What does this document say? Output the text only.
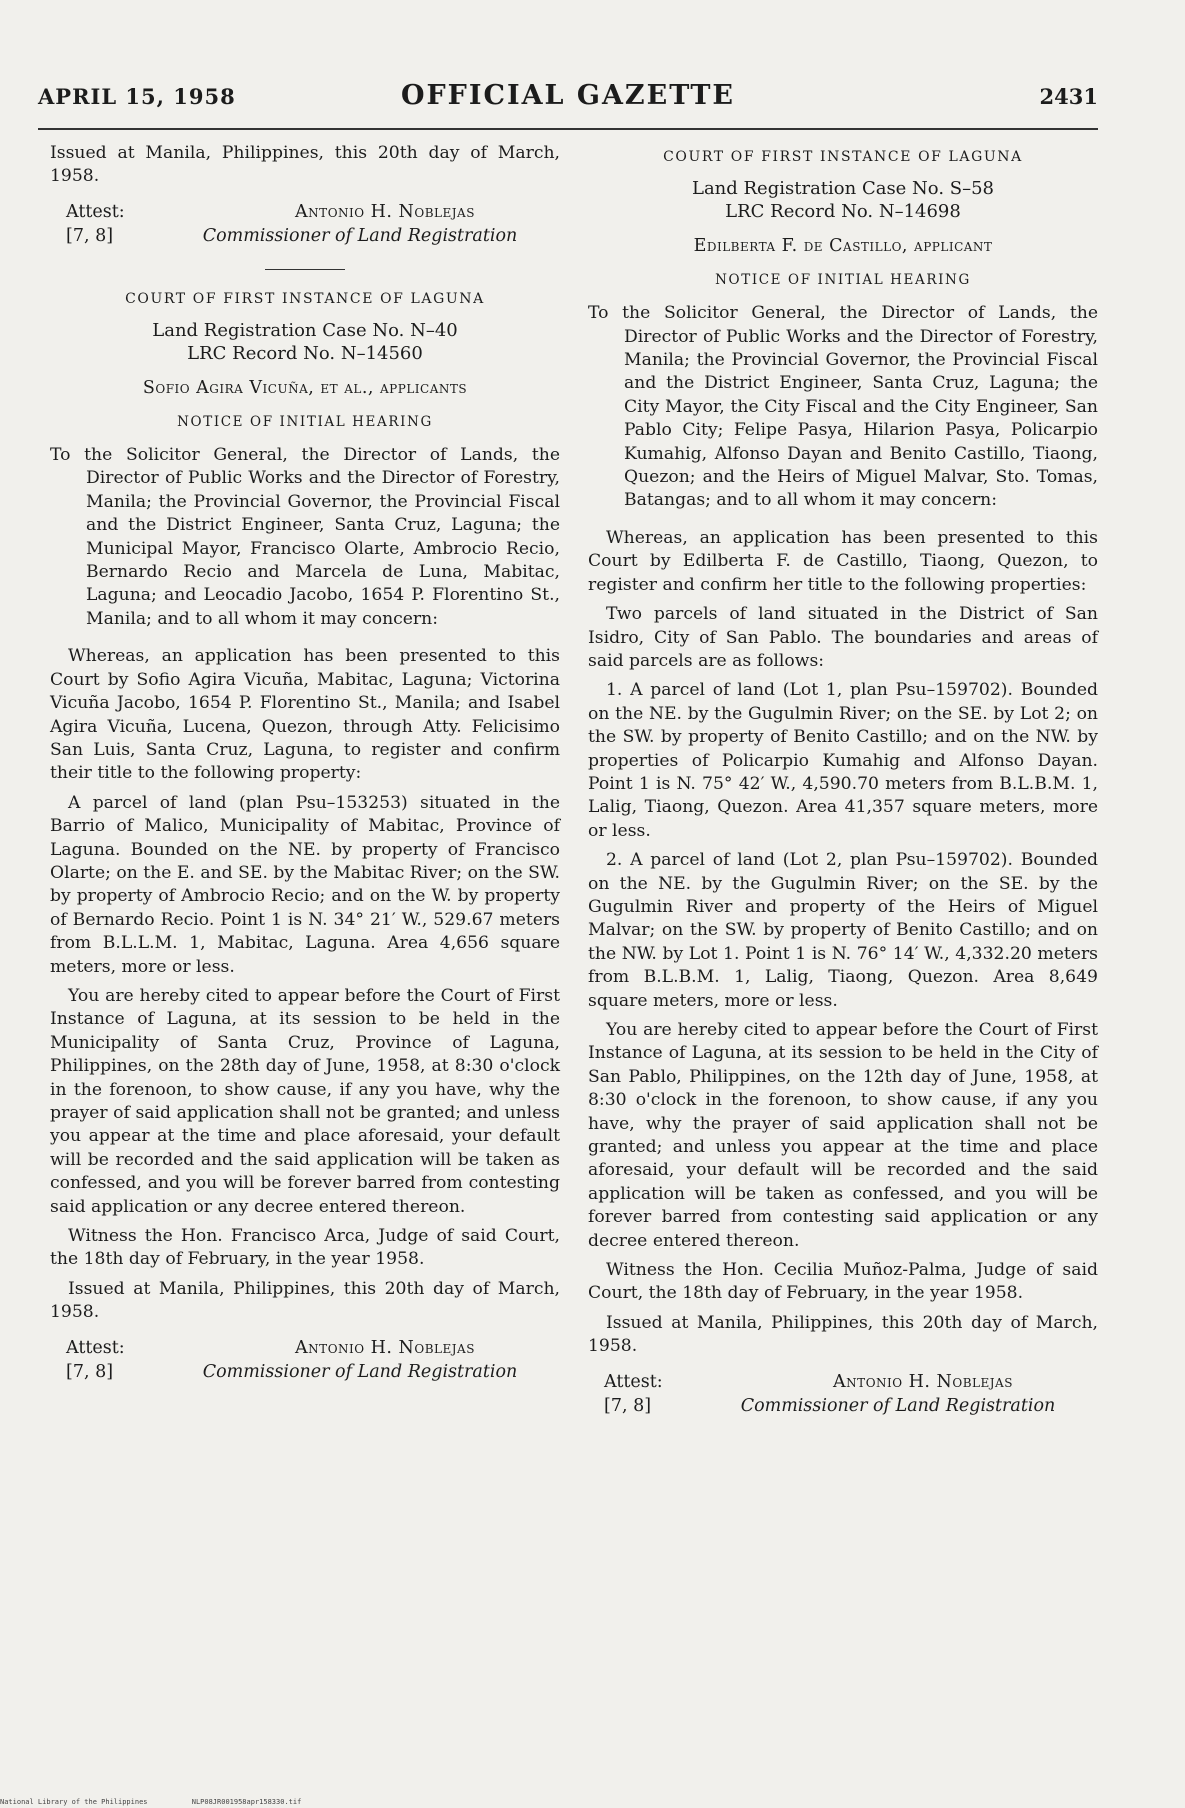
APRIL 15, 1958	OFFICIAL GAZETTE	2431

Issued at Manila, Philippines, this 20th day of March, 1958.

Attest:
[7, 8]
Antonio H. Noblejas
Commissioner of Land Registration
COURT OF FIRST INSTANCE OF LAGUNA
Land Registration Case No. N–40
LRC Record No. N–14560
Sofio Agira Vicuña, et al., applicants
NOTICE OF INITIAL HEARING
To the Solicitor General, the Director of Lands, the Director of Public Works and the Director of Forestry, Manila; the Provincial Governor, the Provincial Fiscal and the District Engineer, Santa Cruz, Laguna; the Municipal Mayor, Francisco Olarte, Ambrocio Recio, Bernardo Recio and Marcela de Luna, Mabitac, Laguna; and Leocadio Jacobo, 1654 P. Florentino St., Manila; and to all whom it may concern:

Whereas, an application has been presented to this Court by Sofio Agira Vicuña, Mabitac, Laguna; Victorina Vicuña Jacobo, 1654 P. Florentino St., Manila; and Isabel Agira Vicuña, Lucena, Quezon, through Atty. Felicisimo San Luis, Santa Cruz, Laguna, to register and confirm their title to the following property:

A parcel of land (plan Psu–153253) situated in the Barrio of Malico, Municipality of Mabitac, Province of Laguna. Bounded on the NE. by property of Francisco Olarte; on the E. and SE. by the Mabitac River; on the SW. by property of Ambrocio Recio; and on the W. by property of Bernardo Recio. Point 1 is N. 34° 21′ W., 529.67 meters from B.L.L.M. 1, Mabitac, Laguna. Area 4,656 square meters, more or less.

You are hereby cited to appear before the Court of First Instance of Laguna, at its session to be held in the Municipality of Santa Cruz, Province of Laguna, Philippines, on the 28th day of June, 1958, at 8:30 o'clock in the forenoon, to show cause, if any you have, why the prayer of said application shall not be granted; and unless you appear at the time and place aforesaid, your default will be recorded and the said application will be taken as confessed, and you will be forever barred from contesting said application or any decree entered thereon.

Witness the Hon. Francisco Arca, Judge of said Court, the 18th day of February, in the year 1958.

Issued at Manila, Philippines, this 20th day of March, 1958.

Attest:
[7, 8]
Antonio H. Noblejas
Commissioner of Land Registration
COURT OF FIRST INSTANCE OF LAGUNA
Land Registration Case No. S–58
LRC Record No. N–14698
Edilberta F. de Castillo, applicant
NOTICE OF INITIAL HEARING
To the Solicitor General, the Director of Lands, the Director of Public Works and the Director of Forestry, Manila; the Provincial Governor, the Provincial Fiscal and the District Engineer, Santa Cruz, Laguna; the City Mayor, the City Fiscal and the City Engineer, San Pablo City; Felipe Pasya, Hilarion Pasya, Policarpio Kumahig, Alfonso Dayan and Benito Castillo, Tiaong, Quezon; and the Heirs of Miguel Malvar, Sto. Tomas, Batangas; and to all whom it may concern:

Whereas, an application has been presented to this Court by Edilberta F. de Castillo, Tiaong, Quezon, to register and confirm her title to the following properties:

Two parcels of land situated in the District of San Isidro, City of San Pablo. The boundaries and areas of said parcels are as follows:

1. A parcel of land (Lot 1, plan Psu–159702). Bounded on the NE. by the Gugulmin River; on the SE. by Lot 2; on the SW. by property of Benito Castillo; and on the NW. by properties of Policarpio Kumahig and Alfonso Dayan. Point 1 is N. 75° 42′ W., 4,590.70 meters from B.L.B.M. 1, Lalig, Tiaong, Quezon. Area 41,357 square meters, more or less.

2. A parcel of land (Lot 2, plan Psu–159702). Bounded on the NE. by the Gugulmin River; on the SE. by the Gugulmin River and property of the Heirs of Miguel Malvar; on the SW. by property of Benito Castillo; and on the NW. by Lot 1. Point 1 is N. 76° 14′ W., 4,332.20 meters from B.L.B.M. 1, Lalig, Tiaong, Quezon. Area 8,649 square meters, more or less.

You are hereby cited to appear before the Court of First Instance of Laguna, at its session to be held in the City of San Pablo, Philippines, on the 12th day of June, 1958, at 8:30 o'clock in the forenoon, to show cause, if any you have, why the prayer of said application shall not be granted; and unless you appear at the time and place aforesaid, your default will be recorded and the said application will be taken as confessed, and you will be forever barred from contesting said application or any decree entered thereon.

Witness the Hon. Cecilia Muñoz-Palma, Judge of said Court, the 18th day of February, in the year 1958.

Issued at Manila, Philippines, this 20th day of March, 1958.

Attest:
[7, 8]
Antonio H. Noblejas
Commissioner of Land Registration
National Library of the Philippines	NLP08JR001958apr158330.tif
